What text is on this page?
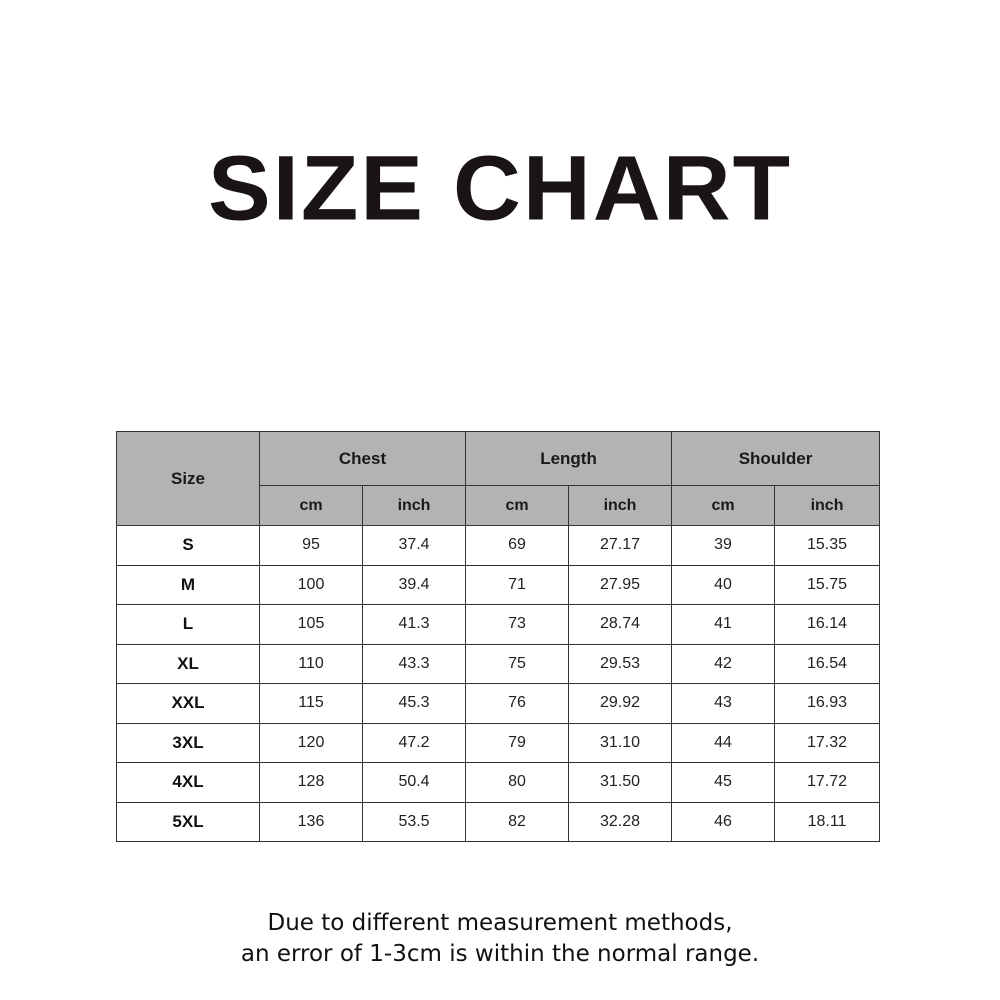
SIZE CHART
Size	Chest		Length		Shoulder	
	cm	inch	cm	inch	cm	inch
S	95	37.4	69	27.17	39	15.35
M	100	39.4	71	27.95	40	15.75
L	105	41.3	73	28.74	41	16.14
XL	110	43.3	75	29.53	42	16.54
XXL	115	45.3	76	29.92	43	16.93
3XL	120	47.2	79	31.10	44	17.32
4XL	128	50.4	80	31.50	45	17.72
5XL	136	53.5	82	32.28	46	18.11
Due to different measurement methods,
an error of 1-3cm is within the normal range.
